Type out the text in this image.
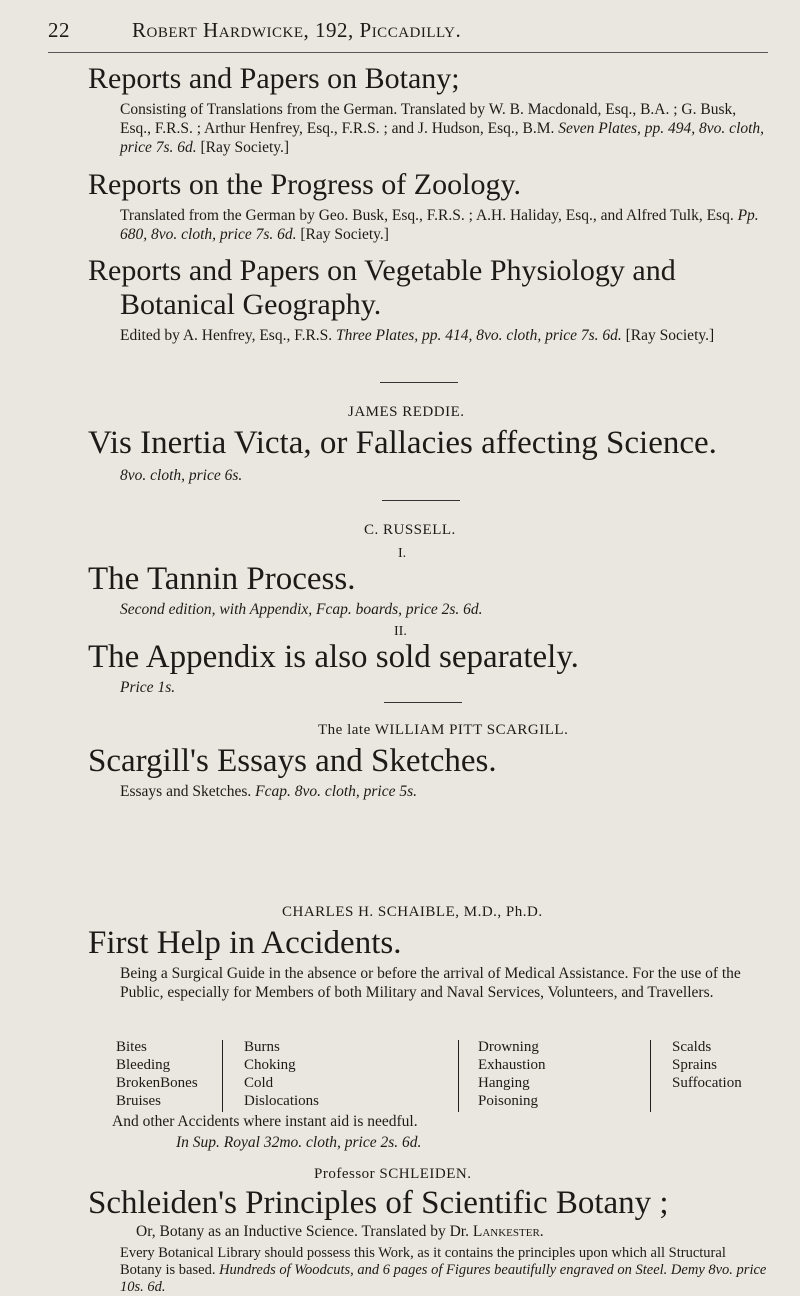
22	Robert Hardwicke, 192, Piccadilly.
Reports and Papers on Botany;

Consisting of Translations from the German. Translated by W. B. Macdonald, Esq., B.A. ; G. Busk, Esq., F.R.S. ; Arthur Henfrey, Esq., F.R.S. ; and J. Hudson, Esq., B.M. Seven Plates, pp. 494, 8vo. cloth, price 7s. 6d. [Ray Society.]

Reports on the Progress of Zoology.

Translated from the German by Geo. Busk, Esq., F.R.S. ; A.H. Haliday, Esq., and Alfred Tulk, Esq. Pp. 680, 8vo. cloth, price 7s. 6d. [Ray Society.]

Reports and Papers on Vegetable Physiology and
Botanical Geography.

Edited by A. Henfrey, Esq., F.R.S. Three Plates, pp. 414, 8vo. cloth, price 7s. 6d. [Ray Society.]

JAMES REDDIE.
Vis Inertia Victa, or Fallacies affecting Science.

8vo. cloth, price 6s.

C. RUSSELL.
I.
The Tannin Process.

Second edition, with Appendix, Fcap. boards, price 2s. 6d.

II.
The Appendix is also sold separately.

Price 1s.

The late WILLIAM PITT SCARGILL.
Scargill's Essays and Sketches.

Essays and Sketches. Fcap. 8vo. cloth, price 5s.

CHARLES H. SCHAIBLE, M.D., Ph.D.
First Help in Accidents.

Being a Surgical Guide in the absence or before the arrival of Medical Assistance. For the use of the Public, especially for Members of both Military and Naval Services, Volunteers, and Travellers.

Bites
Bleeding
BrokenBones
Bruises
Burns
Choking
Cold
Dislocations
Drowning
Exhaustion
Hanging
Poisoning
Scalds
Sprains
Suffocation

And other Accidents where instant aid is needful.

In Sup. Royal 32mo. cloth, price 2s. 6d.

Professor SCHLEIDEN.
Schleiden's Principles of Scientific Botany ;

Or, Botany as an Inductive Science. Translated by Dr. Lankester.

Every Botanical Library should possess this Work, as it contains the principles upon which all Structural Botany is based. Hundreds of Woodcuts, and 6 pages of Figures beautifully engraved on Steel. Demy 8vo. price 10s. 6d.
